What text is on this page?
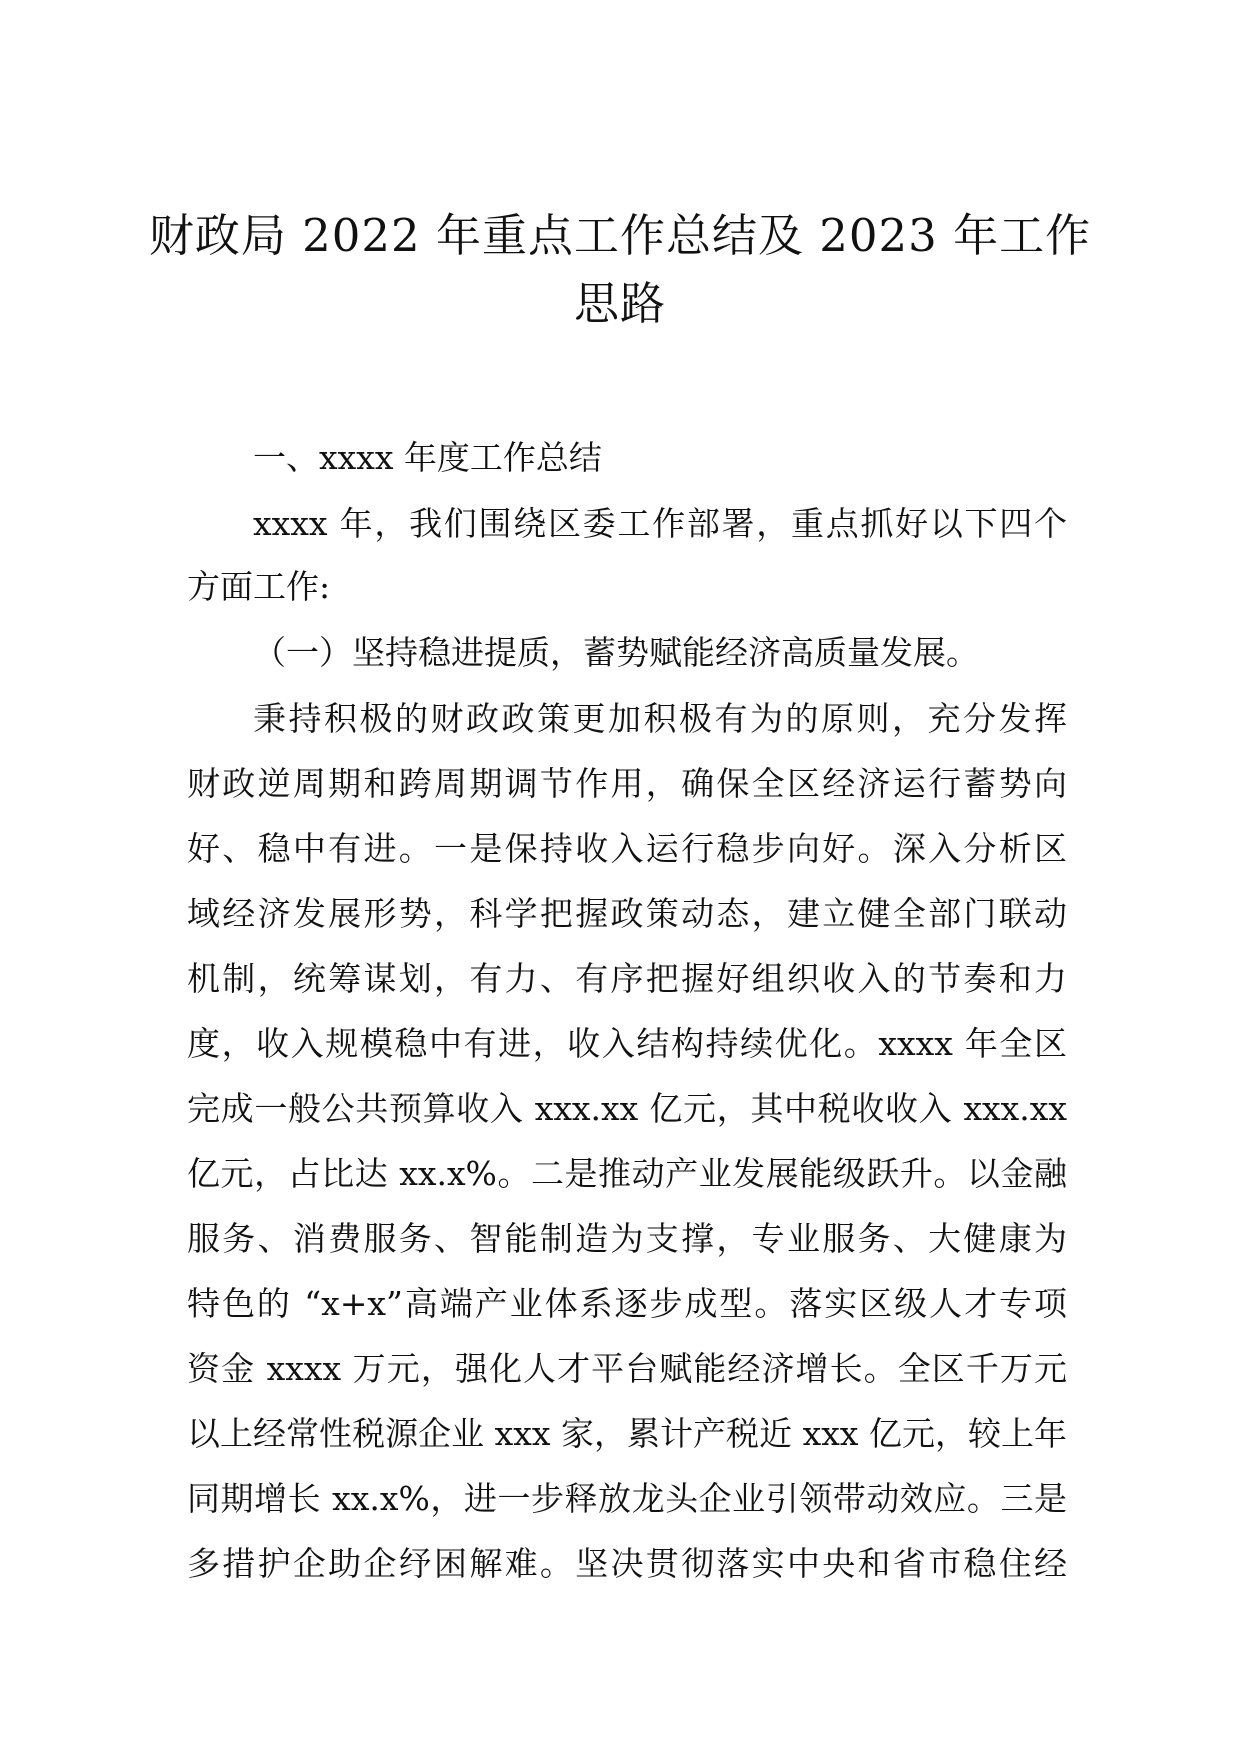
财政局 2022 年重点工作总结及 2023 年工作
思路
一、xxxx 年度工作总结
xxxx 年，我们围绕区委工作部署，重点抓好以下四个
方面工作:
（一）坚持稳进提质，蓄势赋能经济高质量发展。
秉持积极的财政政策更加积极有为的原则，充分发挥
财政逆周期和跨周期调节作用，确保全区经济运行蓄势向
好、稳中有进。一是保持收入运行稳步向好。深入分析区
域经济发展形势，科学把握政策动态，建立健全部门联动
机制，统筹谋划，有力、有序把握好组织收入的节奏和力
度，收入规模稳中有进，收入结构持续优化。xxxx 年全区
完成一般公共预算收入 xxx.xx 亿元，其中税收收入 xxx.xx
亿元，占比达 xx.x%。二是推动产业发展能级跃升。以金融
服务、消费服务、智能制造为支撑，专业服务、大健康为
特色的 “x+x”高端产业体系逐步成型。落实区级人才专项
资金 xxxx 万元，强化人才平台赋能经济增长。全区千万元
以上经常性税源企业 xxx 家，累计产税近 xxx 亿元，较上年
同期增长 xx.x%，进一步释放龙头企业引领带动效应。三是
多措护企助企纾困解难。坚决贯彻落实中央和省市稳住经
